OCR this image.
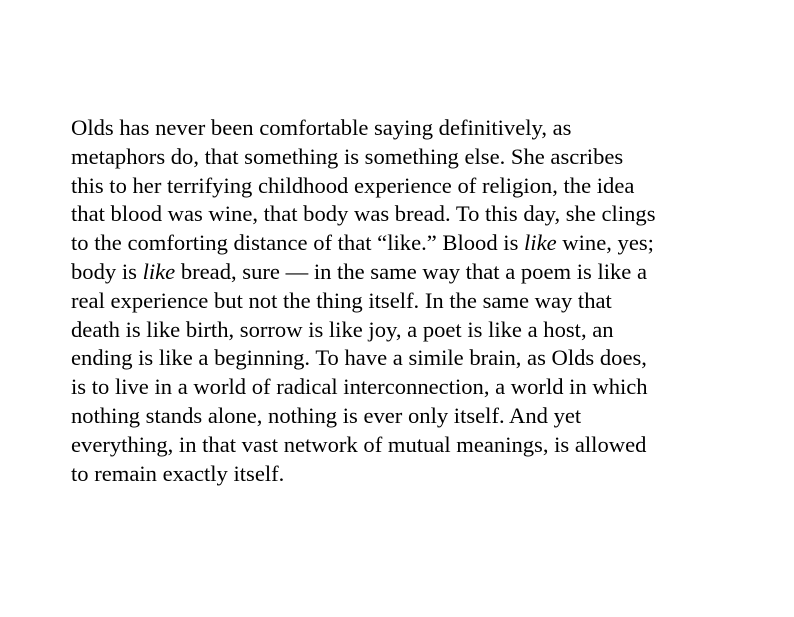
Olds has never been comfortable saying definitively, as
metaphors do, that something is something else. She ascribes
this to her terrifying childhood experience of religion, the idea
that blood was wine, that body was bread. To this day, she clings
to the comforting distance of that “like.” Blood is like wine, yes;
body is like bread, sure — in the same way that a poem is like a
real experience but not the thing itself. In the same way that
death is like birth, sorrow is like joy, a poet is like a host, an
ending is like a beginning. To have a simile brain, as Olds does,
is to live in a world of radical interconnection, a world in which
nothing stands alone, nothing is ever only itself. And yet
everything, in that vast network of mutual meanings, is allowed
to remain exactly itself.
